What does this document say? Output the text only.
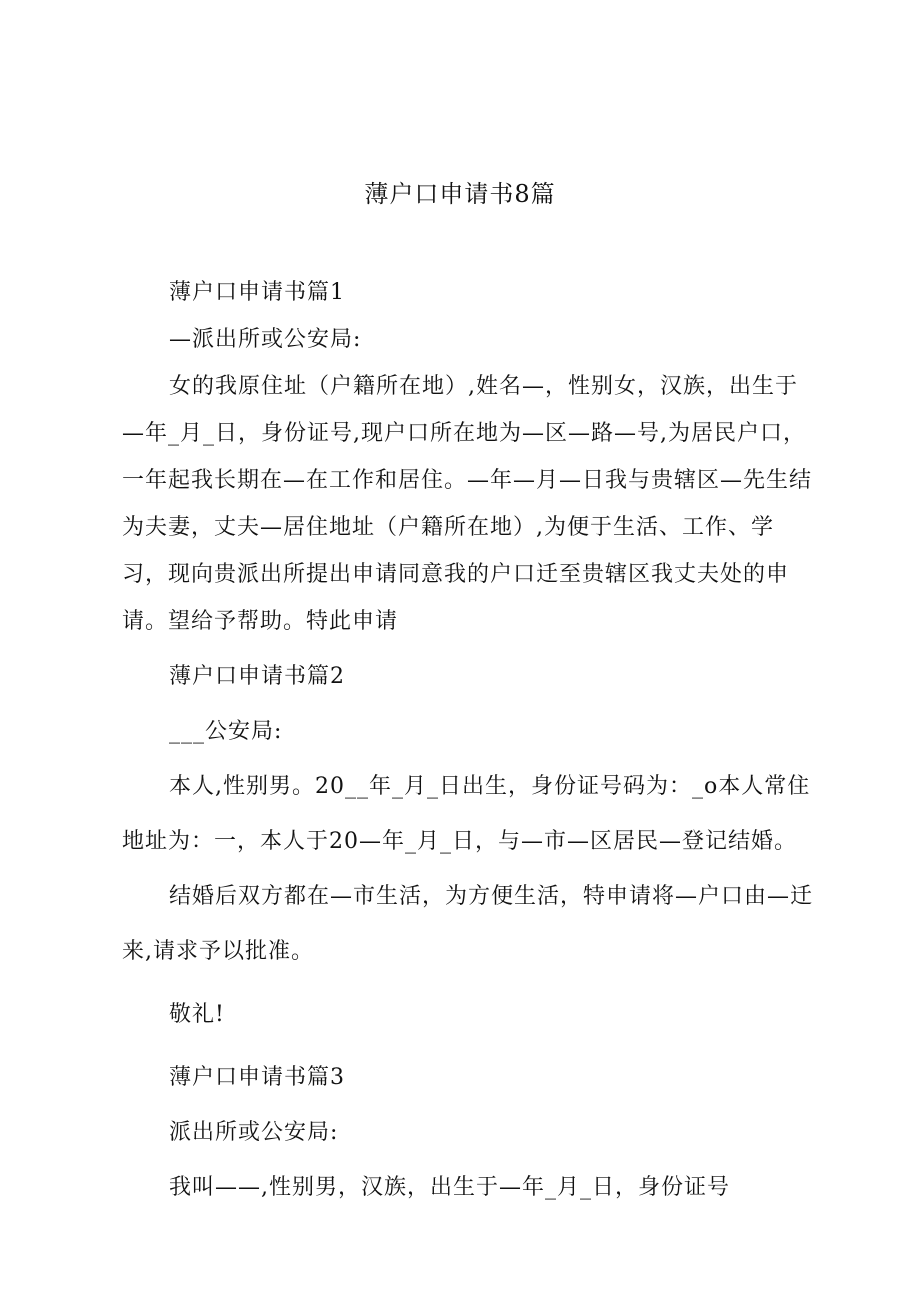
薄户口申请书8篇
薄户口申请书篇1
—派出所或公安局:
女的我原住址（户籍所在地）,姓名—，性别女，汉族，出生于
—年_月_日，身份证号,现户口所在地为—区—路—号,为居民户口，
一年起我长期在—在工作和居住。—年—月—日我与贵辖区—先生结
为夫妻，丈夫—居住地址（户籍所在地）,为便于生活、工作、学
习，现向贵派出所提出申请同意我的户口迁至贵辖区我丈夫处的申
请。望给予帮助。特此申请
薄户口申请书篇2
___公安局:
本人,性别男。20__年_月_日出生，身份证号码为：_o本人常住
地址为：一，本人于20—年_月_日，与—市—区居民—登记结婚。
结婚后双方都在—市生活，为方便生活，特申请将—户口由—迁
来,请求予以批准。
敬礼!
薄户口申请书篇3
派出所或公安局:
我叫——,性别男，汉族，出生于—年_月_日，身份证号
